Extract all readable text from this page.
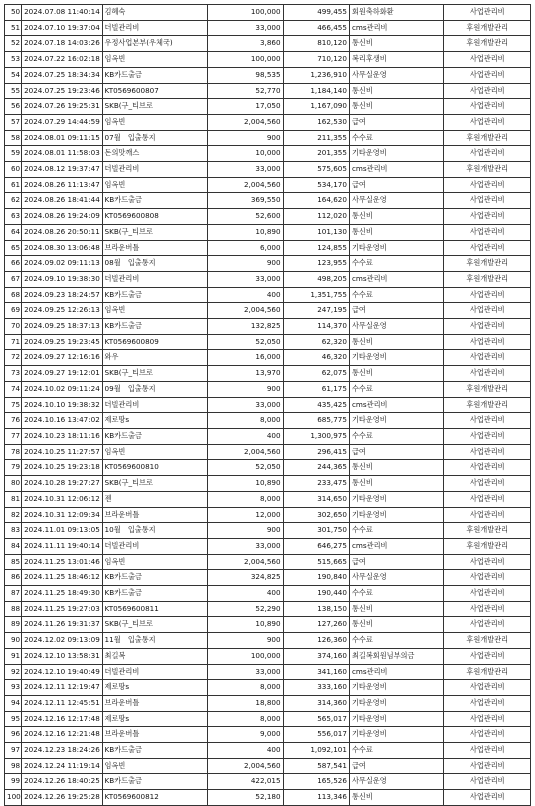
50	2024.07.08 11:40:14	김혜숙	100,000	499,455	회원축하화환	사업관리비
51	2024.07.10 19:37:04	더빌관리비	33,000	466,455	cms관리비	후원개발관리
52	2024.07.18 14:03:26	우정사업본부(우체국)	3,860	810,120	통신비	후원개발관리
53	2024.07.22 16:02:18	임옥빈	100,000	710,120	복리후생비	사업관리비
54	2024.07.25 18:34:34	KB카드출금	98,535	1,236,910	사무실운영	사업관리비
55	2024.07.25 19:23:46	KT0569600807	52,770	1,184,140	통신비	사업관리비
56	2024.07.26 19:25:31	SKB(구_티브로	17,050	1,167,090	통신비	사업관리비
57	2024.07.29 14:44:59	임옥빈	2,004,560	162,530	급여	사업관리비
58	2024.08.01 09:11:15	07월　입출통지	900	211,355	수수료	후원개발관리
59	2024.08.01 11:58:03	돈의맛깨스	10,000	201,355	기타운영비	사업관리비
60	2024.08.12 19:37:47	더빌관리비	33,000	575,605	cms관리비	후원개발관리
61	2024.08.26 11:13:47	임옥빈	2,004,560	534,170	급여	사업관리비
62	2024.08.26 18:41:44	KB카드출금	369,550	164,620	사무실운영	사업관리비
63	2024.08.26 19:24:09	KT0569600808	52,600	112,020	통신비	사업관리비
64	2024.08.26 20:50:11	SKB(구_티브로	10,890	101,130	통신비	사업관리비
65	2024.08.30 13:06:48	브라운버틀	6,000	124,855	기타운영비	사업관리비
66	2024.09.02 09:11:13	08월　입출통지	900	123,955	수수료	후원개발관리
67	2024.09.10 19:38:30	더빌관리비	33,000	498,205	cms관리비	후원개발관리
68	2024.09.23 18:24:57	KB카드출금	400	1,351,755	수수료	사업관리비
69	2024.09.25 12:26:13	임옥빈	2,004,560	247,195	급여	사업관리비
70	2024.09.25 18:37:13	KB카드출금	132,825	114,370	사무실운영	사업관리비
71	2024.09.25 19:23:45	KT0569600809	52,050	62,320	통신비	사업관리비
72	2024.09.27 12:16:16	와우	16,000	46,320	기타운영비	사업관리비
73	2024.09.27 19:12:01	SKB(구_티브로	13,970	62,075	통신비	사업관리비
74	2024.10.02 09:11:24	09월　입출통지	900	61,175	수수료	후원개발관리
75	2024.10.10 19:38:32	더빌관리비	33,000	435,425	cms관리비	후원개발관리
76	2024.10.16 13:47:02	제로땅s	8,000	685,775	기타운영비	사업관리비
77	2024.10.23 18:11:16	KB카드출금	400	1,300,975	수수료	사업관리비
78	2024.10.25 11:27:57	임옥빈	2,004,560	296,415	급여	사업관리비
79	2024.10.25 19:23:18	KT0569600810	52,050	244,365	통신비	사업관리비
80	2024.10.28 19:27:27	SKB(구_티브로	10,890	233,475	통신비	사업관리비
81	2024.10.31 12:06:12	젠	8,000	314,650	기타운영비	사업관리비
82	2024.10.31 12:09:34	브라운버틀	12,000	302,650	기타운영비	사업관리비
83	2024.11.01 09:13:05	10월　입출통지	900	301,750	수수료	후원개발관리
84	2024.11.11 19:40:14	더빌관리비	33,000	646,275	cms관리비	후원개발관리
85	2024.11.25 13:01:46	임옥빈	2,004,560	515,665	급여	사업관리비
86	2024.11.25 18:46:12	KB카드출금	324,825	190,840	사무실운영	사업관리비
87	2024.11.25 18:49:30	KB카드출금	400	190,440	수수료	사업관리비
88	2024.11.25 19:27:03	KT0569600811	52,290	138,150	통신비	사업관리비
89	2024.11.26 19:31:37	SKB(구_티브로	10,890	127,260	통신비	사업관리비
90	2024.12.02 09:13:09	11월　입출통지	900	126,360	수수료	후원개발관리
91	2024.12.10 13:58:31	최길복	100,000	374,160	최길복회원님부의금	사업관리비
92	2024.12.10 19:40:49	더빌관리비	33,000	341,160	cms관리비	후원개발관리
93	2024.12.11 12:19:47	제로땅s	8,000	333,160	기타운영비	사업관리비
94	2024.12.11 12:45:51	브라운버틀	18,800	314,360	기타운영비	사업관리비
95	2024.12.16 12:17:48	제로땅s	8,000	565,017	기타운영비	사업관리비
96	2024.12.16 12:21:48	브라운버틀	9,000	556,017	기타운영비	사업관리비
97	2024.12.23 18:24:26	KB카드출금	400	1,092,101	수수료	사업관리비
98	2024.12.24 11:19:14	임옥빈	2,004,560	587,541	급여	사업관리비
99	2024.12.26 18:40:25	KB카드출금	422,015	165,526	사무실운영	사업관리비
100	2024.12.26 19:25:28	KT0569600812	52,180	113,346	통신비	사업관리비
